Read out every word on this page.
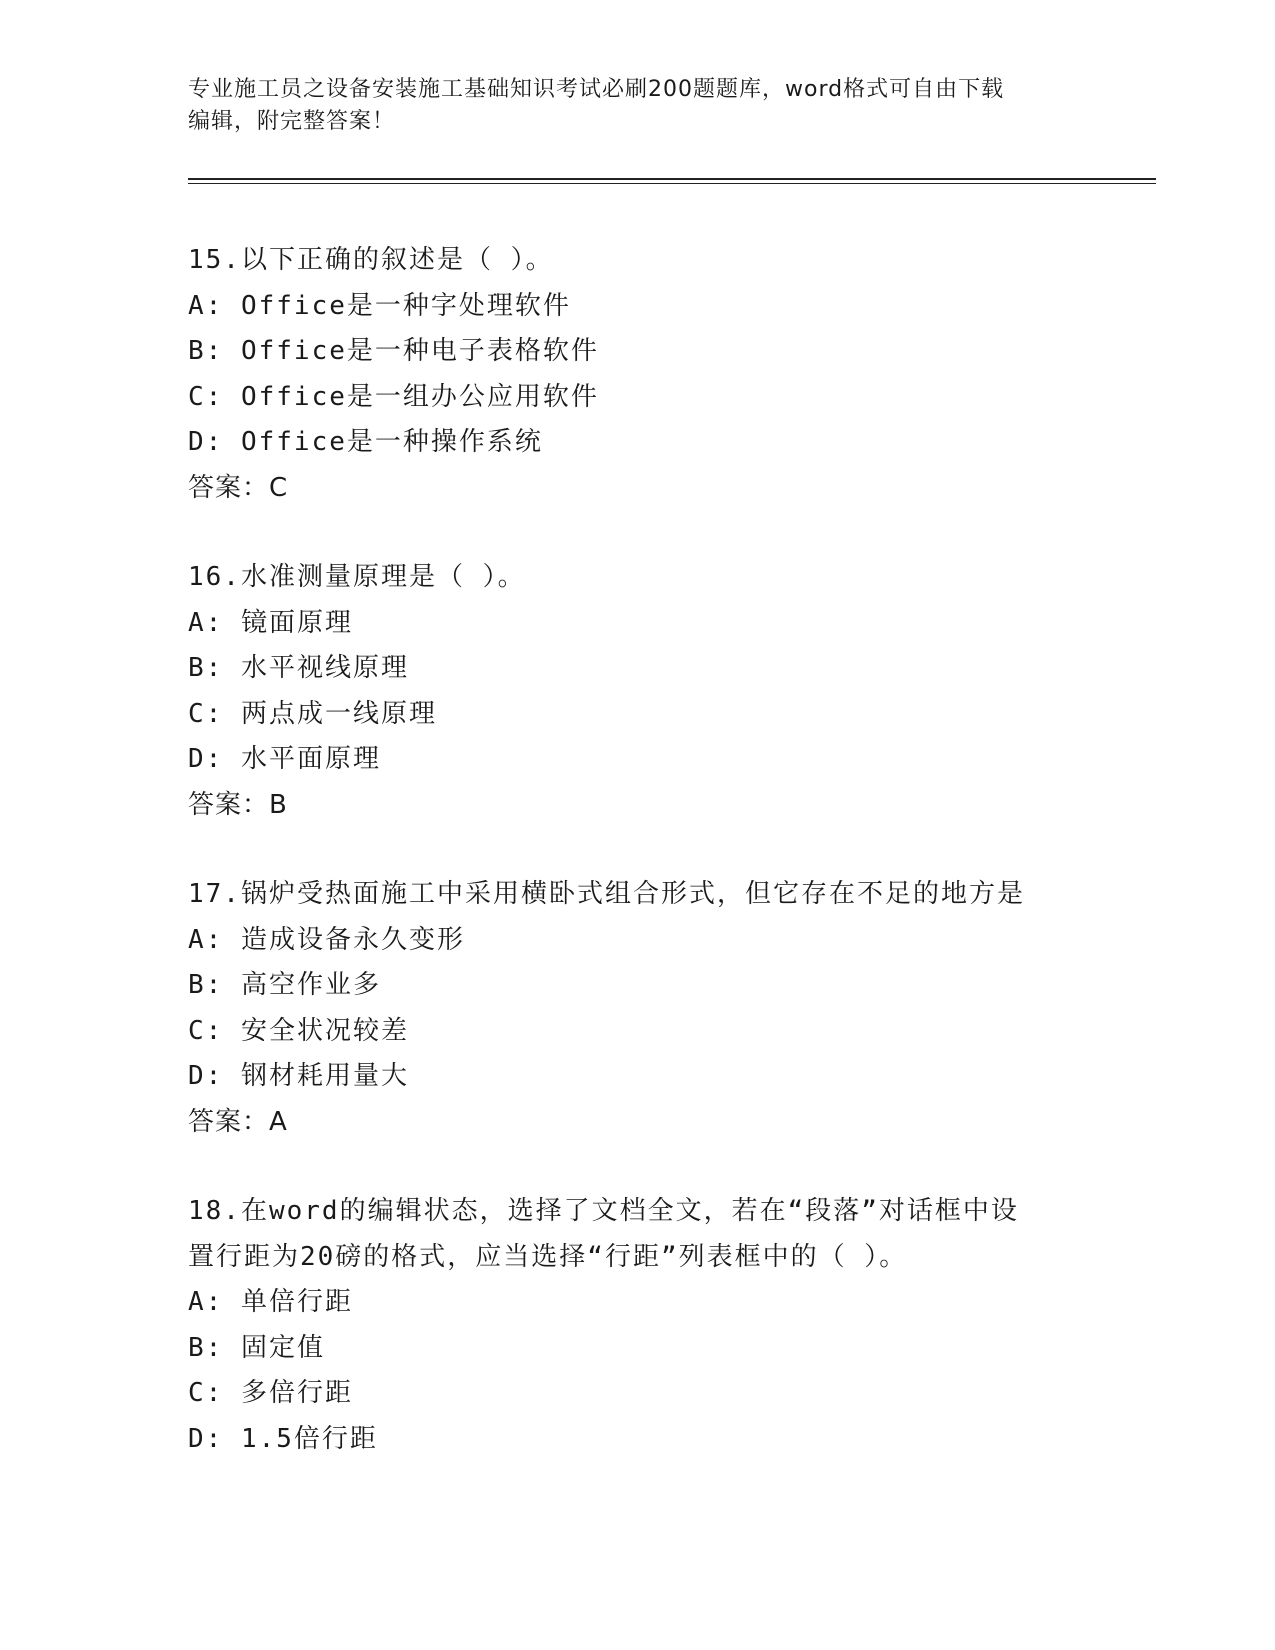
专业施工员之设备安装施工基础知识考试必刷200题题库，word格式可自由下载
编辑，附完整答案！
15.以下正确的叙述是（ ）。
A: Office是一种字处理软件
B: Office是一种电子表格软件
C: Office是一组办公应用软件
D: Office是一种操作系统
答案：C
16.水准测量原理是（ ）。
A: 镜面原理
B: 水平视线原理
C: 两点成一线原理
D: 水平面原理
答案：B
17.锅炉受热面施工中采用横卧式组合形式，但它存在不足的地方是
A: 造成设备永久变形
B: 高空作业多
C: 安全状况较差
D: 钢材耗用量大
答案：A
18.在word的编辑状态，选择了文档全文，若在“段落”对话框中设
置行距为20磅的格式，应当选择“行距”列表框中的（ ）。
A: 单倍行距
B: 固定值
C: 多倍行距
D: 1.5倍行距
